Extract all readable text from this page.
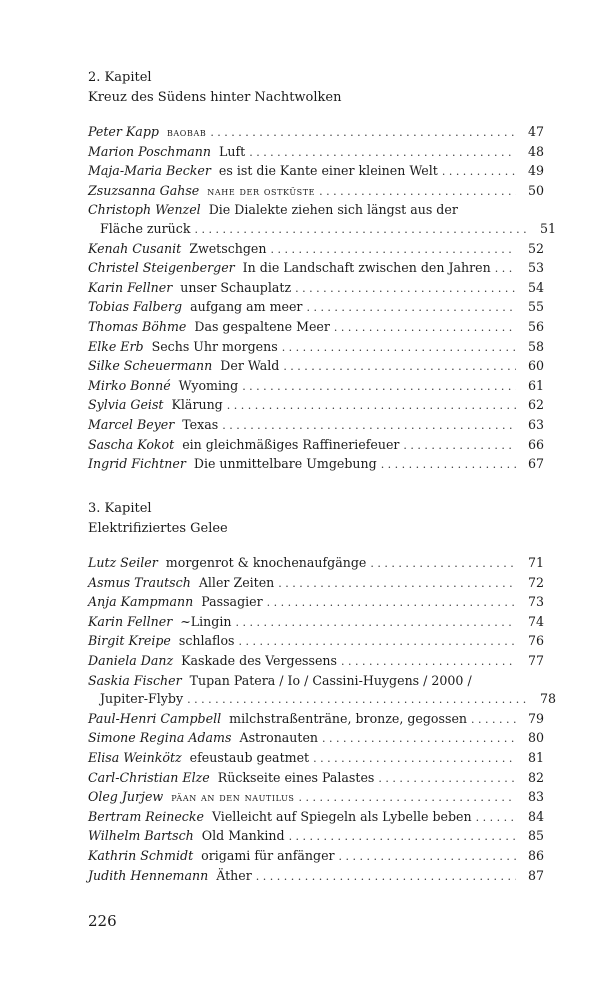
2. Kapitel
Kreuz des Südens hinter Nachtwolken
Peter Kapp baobab . . .	47
Marion Poschmann Luft . . .	48
Maja-Maria Becker es ist die Kante einer kleinen Welt . . .	49
Zsuzsanna Gahse nahe der ostküste . . .	50
Christoph Wenzel Die Dialekte ziehen sich längst aus der
Fläche zurück . . .	51
Kenah Cusanit Zwetschgen . . .	52
Christel Steigenberger In die Landschaft zwischen den Jahren . . .	53
Karin Fellner unser Schauplatz . . .	54
Tobias Falberg aufgang am meer . . .	55
Thomas Böhme Das gespaltene Meer . . .	56
Elke Erb Sechs Uhr morgens . . .	58
Silke Scheuermann Der Wald . . .	60
Mirko Bonné Wyoming . . .	61
Sylvia Geist Klärung . . .	62
Marcel Beyer Texas . . .	63
Sascha Kokot ein gleichmäßiges Raffineriefeuer . . .	66
Ingrid Fichtner Die unmittelbare Umgebung . . .	67
3. Kapitel
Elektrifiziertes Gelee
Lutz Seiler morgenrot & knochenaufgänge . . .	71
Asmus Trautsch Aller Zeiten . . .	72
Anja Kampmann Passagier . . .	73
Karin Fellner ~Lingin . . .	74
Birgit Kreipe schlaflos . . .	76
Daniela Danz Kaskade des Vergessens . . .	77
Saskia Fischer Tupan Patera / Io / Cassini-Huygens / 2000 /
Jupiter-Flyby . . .	78
Paul-Henri Campbell milchstraßenträne, bronze, gegossen . . .	79
Simone Regina Adams Astronauten . . .	80
Elisa Weinkötz efeustaub geatmet . . .	81
Carl-Christian Elze Rückseite eines Palastes . . .	82
Oleg Jurjew päan an den nautilus . . .	83
Bertram Reinecke Vielleicht auf Spiegeln als Lybelle beben . . .	84
Wilhelm Bartsch Old Mankind . . .	85
Kathrin Schmidt origami für anfänger . . .	86
Judith Hennemann Äther . . .	87
226
